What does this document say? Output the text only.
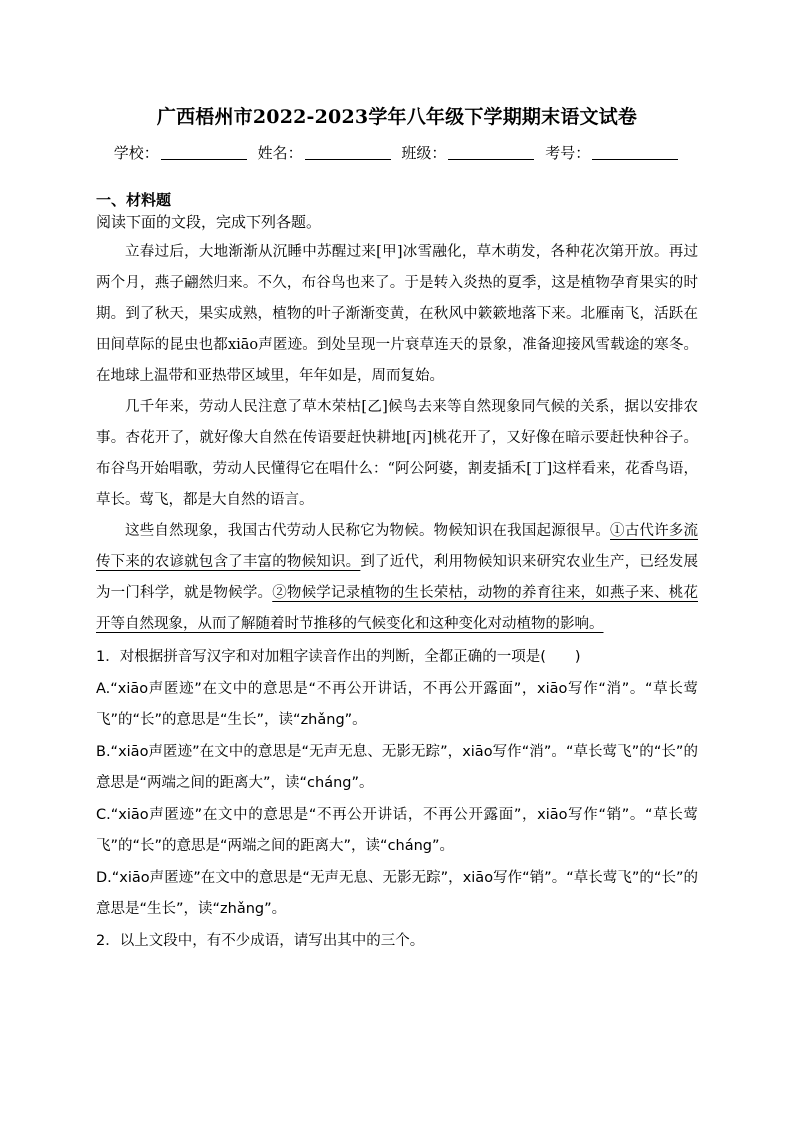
广西梧州市2022-2023学年八年级下学期期末语文试卷
学校：	姓名：	班级：	考号：
一、材料题
阅读下面的文段，完成下列各题。

立春过后，大地渐渐从沉睡中苏醒过来[甲]冰雪融化，草木萌发，各种花次第开放。再过两个月，燕子翩然归来。不久，布谷鸟也来了。于是转入炎热的夏季，这是植物孕育果实的时期。到了秋天，果实成熟，植物的叶子渐渐变黄，在秋风中簌簌地落下来。北雁南飞，活跃在田间草际的昆虫也都xiāo声匿迹。到处呈现一片衰草连天的景象，准备迎接风雪载途的寒冬。在地球上温带和亚热带区域里，年年如是，周而复始。

几千年来，劳动人民注意了草木荣枯[乙]候鸟去来等自然现象同气候的关系，据以安排农事。杏花开了，就好像大自然在传语要赶快耕地[丙]桃花开了，又好像在暗示要赶快种谷子。布谷鸟开始唱歌，劳动人民懂得它在唱什么：“阿公阿婆，割麦插禾[丁]这样看来，花香鸟语，草长。莺飞，都是大自然的语言。

这些自然现象，我国古代劳动人民称它为物候。物候知识在我国起源很早。①古代许多流传下来的农谚就包含了丰富的物候知识。到了近代，利用物候知识来研究农业生产，已经发展为一门科学，就是物候学。②物候学记录植物的生长荣枯，动物的养育往来，如燕子来、桃花开等自然现象，从而了解随着时节推移的气候变化和这种变化对动植物的影响。

1．对根据拼音写汉字和对加粗字读音作出的判断，全都正确的一项是(　　)

A.“xiāo声匿迹”在文中的意思是“不再公开讲话，不再公开露面”，xiāo写作“消”。“草长莺飞”的“长”的意思是“生长”，读“zhǎng”。

B.“xiāo声匿迹”在文中的意思是“无声无息、无影无踪”，xiāo写作“消”。“草长莺飞”的“长”的意思是“两端之间的距离大”，读“cháng”。

C.“xiāo声匿迹”在文中的意思是“不再公开讲话，不再公开露面”，xiāo写作“销”。“草长莺飞”的“长”的意思是“两端之间的距离大”，读“cháng”。

D.“xiāo声匿迹”在文中的意思是“无声无息、无影无踪”，xiāo写作“销”。“草长莺飞”的“长”的意思是“生长”，读“zhǎng”。

2．以上文段中，有不少成语，请写出其中的三个。
